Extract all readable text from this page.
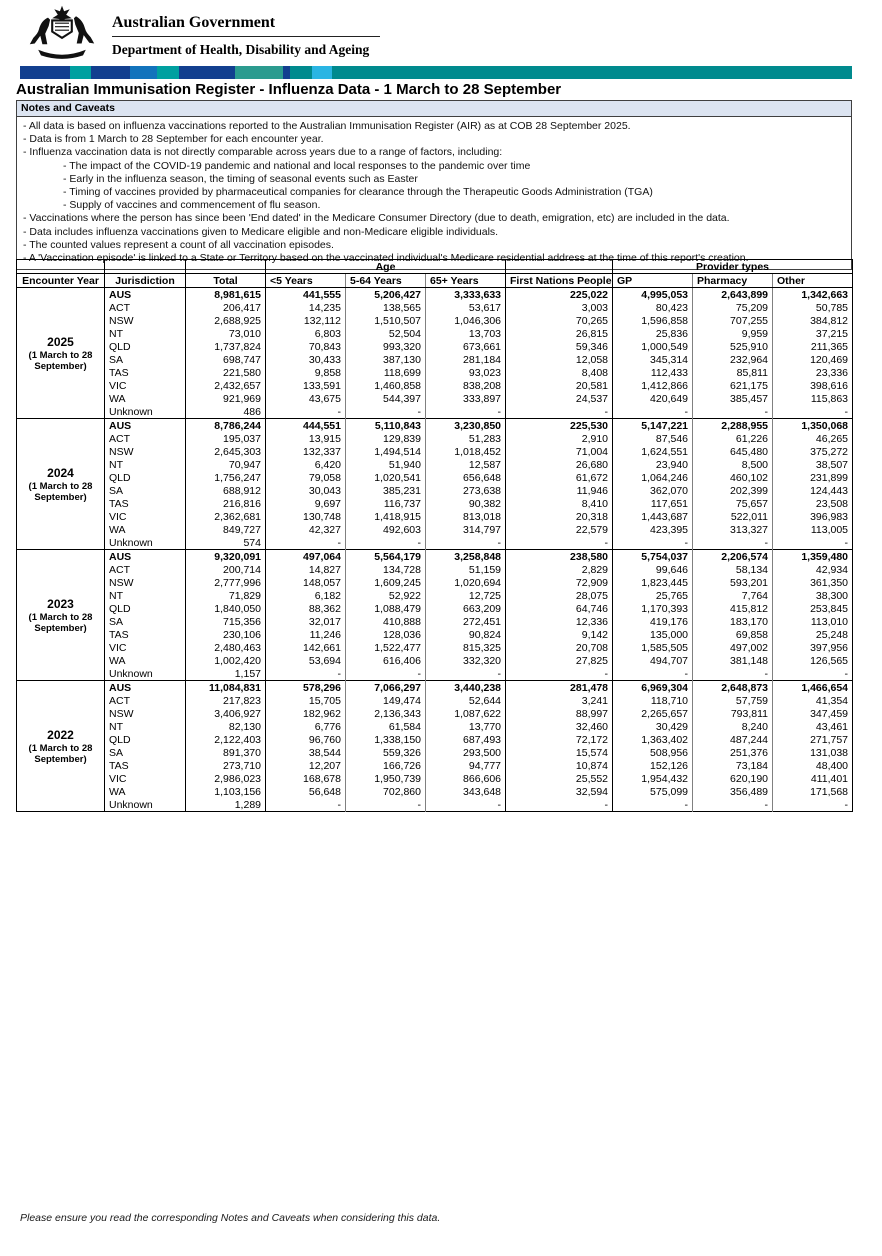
Australian Government
Department of Health, Disability and Ageing
Australian Immunisation Register - Influenza Data - 1 March to 28 September
Notes and Caveats
- All data is based on influenza vaccinations reported to the Australian Immunisation Register (AIR) as at COB 28 September 2025.
- Data is from 1 March to 28 September for each encounter year.
- Influenza vaccination data is not directly comparable across years due to a range of factors, including:
- The impact of the COVID-19 pandemic and national and local responses to the pandemic over time
- Early in the influenza season, the timing of seasonal events such as Easter
- Timing of vaccines provided by pharmaceutical companies for clearance through the Therapeutic Goods Administration (TGA)
- Supply of vaccines and commencement of flu season.
- Vaccinations where the person has since been 'End dated' in the Medicare Consumer Directory (due to death, emigration, etc) are included in the data.
- Data includes influenza vaccinations given to Medicare eligible and non-Medicare eligible individuals.
- The counted values represent a count of all vaccination episodes.
- A 'Vaccination episode' is linked to a State or Territory based on the vaccinated individual's Medicare residential address at the time of this report's creation.
			Age				Provider types		
Encounter Year	Jurisdiction	Total	<5 Years	5-64 Years	65+ Years	First Nations People	GP	Pharmacy	Other

2025
(1 March to 28 September)	AUS	8,981,615	441,555	5,206,427	3,333,633	225,022	4,995,053	2,643,899	1,342,663
	ACT	206,417	14,235	138,565	53,617	3,003	80,423	75,209	50,785
	NSW	2,688,925	132,112	1,510,507	1,046,306	70,265	1,596,858	707,255	384,812
	NT	73,010	6,803	52,504	13,703	26,815	25,836	9,959	37,215
	QLD	1,737,824	70,843	993,320	673,661	59,346	1,000,549	525,910	211,365
	SA	698,747	30,433	387,130	281,184	12,058	345,314	232,964	120,469
	TAS	221,580	9,858	118,699	93,023	8,408	112,433	85,811	23,336
	VIC	2,432,657	133,591	1,460,858	838,208	20,581	1,412,866	621,175	398,616
	WA	921,969	43,675	544,397	333,897	24,537	420,649	385,457	115,863
	Unknown	486	-	-	-	-	-	-	-

2024
(1 March to 28 September)	AUS	8,786,244	444,551	5,110,843	3,230,850	225,530	5,147,221	2,288,955	1,350,068
	ACT	195,037	13,915	129,839	51,283	2,910	87,546	61,226	46,265
	NSW	2,645,303	132,337	1,494,514	1,018,452	71,004	1,624,551	645,480	375,272
	NT	70,947	6,420	51,940	12,587	26,680	23,940	8,500	38,507
	QLD	1,756,247	79,058	1,020,541	656,648	61,672	1,064,246	460,102	231,899
	SA	688,912	30,043	385,231	273,638	11,946	362,070	202,399	124,443
	TAS	216,816	9,697	116,737	90,382	8,410	117,651	75,657	23,508
	VIC	2,362,681	130,748	1,418,915	813,018	20,318	1,443,687	522,011	396,983
	WA	849,727	42,327	492,603	314,797	22,579	423,395	313,327	113,005
	Unknown	574	-	-	-	-	-	-	-

2023
(1 March to 28 September)	AUS	9,320,091	497,064	5,564,179	3,258,848	238,580	5,754,037	2,206,574	1,359,480
	ACT	200,714	14,827	134,728	51,159	2,829	99,646	58,134	42,934
	NSW	2,777,996	148,057	1,609,245	1,020,694	72,909	1,823,445	593,201	361,350
	NT	71,829	6,182	52,922	12,725	28,075	25,765	7,764	38,300
	QLD	1,840,050	88,362	1,088,479	663,209	64,746	1,170,393	415,812	253,845
	SA	715,356	32,017	410,888	272,451	12,336	419,176	183,170	113,010
	TAS	230,106	11,246	128,036	90,824	9,142	135,000	69,858	25,248
	VIC	2,480,463	142,661	1,522,477	815,325	20,708	1,585,505	497,002	397,956
	WA	1,002,420	53,694	616,406	332,320	27,825	494,707	381,148	126,565
	Unknown	1,157	-	-	-	-	-	-	-

2022
(1 March to 28 September)	AUS	11,084,831	578,296	7,066,297	3,440,238	281,478	6,969,304	2,648,873	1,466,654
	ACT	217,823	15,705	149,474	52,644	3,241	118,710	57,759	41,354
	NSW	3,406,927	182,962	2,136,343	1,087,622	88,997	2,265,657	793,811	347,459
	NT	82,130	6,776	61,584	13,770	32,460	30,429	8,240	43,461
	QLD	2,122,403	96,760	1,338,150	687,493	72,172	1,363,402	487,244	271,757
	SA	891,370	38,544	559,326	293,500	15,574	508,956	251,376	131,038
	TAS	273,710	12,207	166,726	94,777	10,874	152,126	73,184	48,400
	VIC	2,986,023	168,678	1,950,739	866,606	25,552	1,954,432	620,190	411,401
	WA	1,103,156	56,648	702,860	343,648	32,594	575,099	356,489	171,568
	Unknown	1,289	-	-	-	-	-	-	-
Please ensure you read the corresponding Notes and Caveats when considering this data.
